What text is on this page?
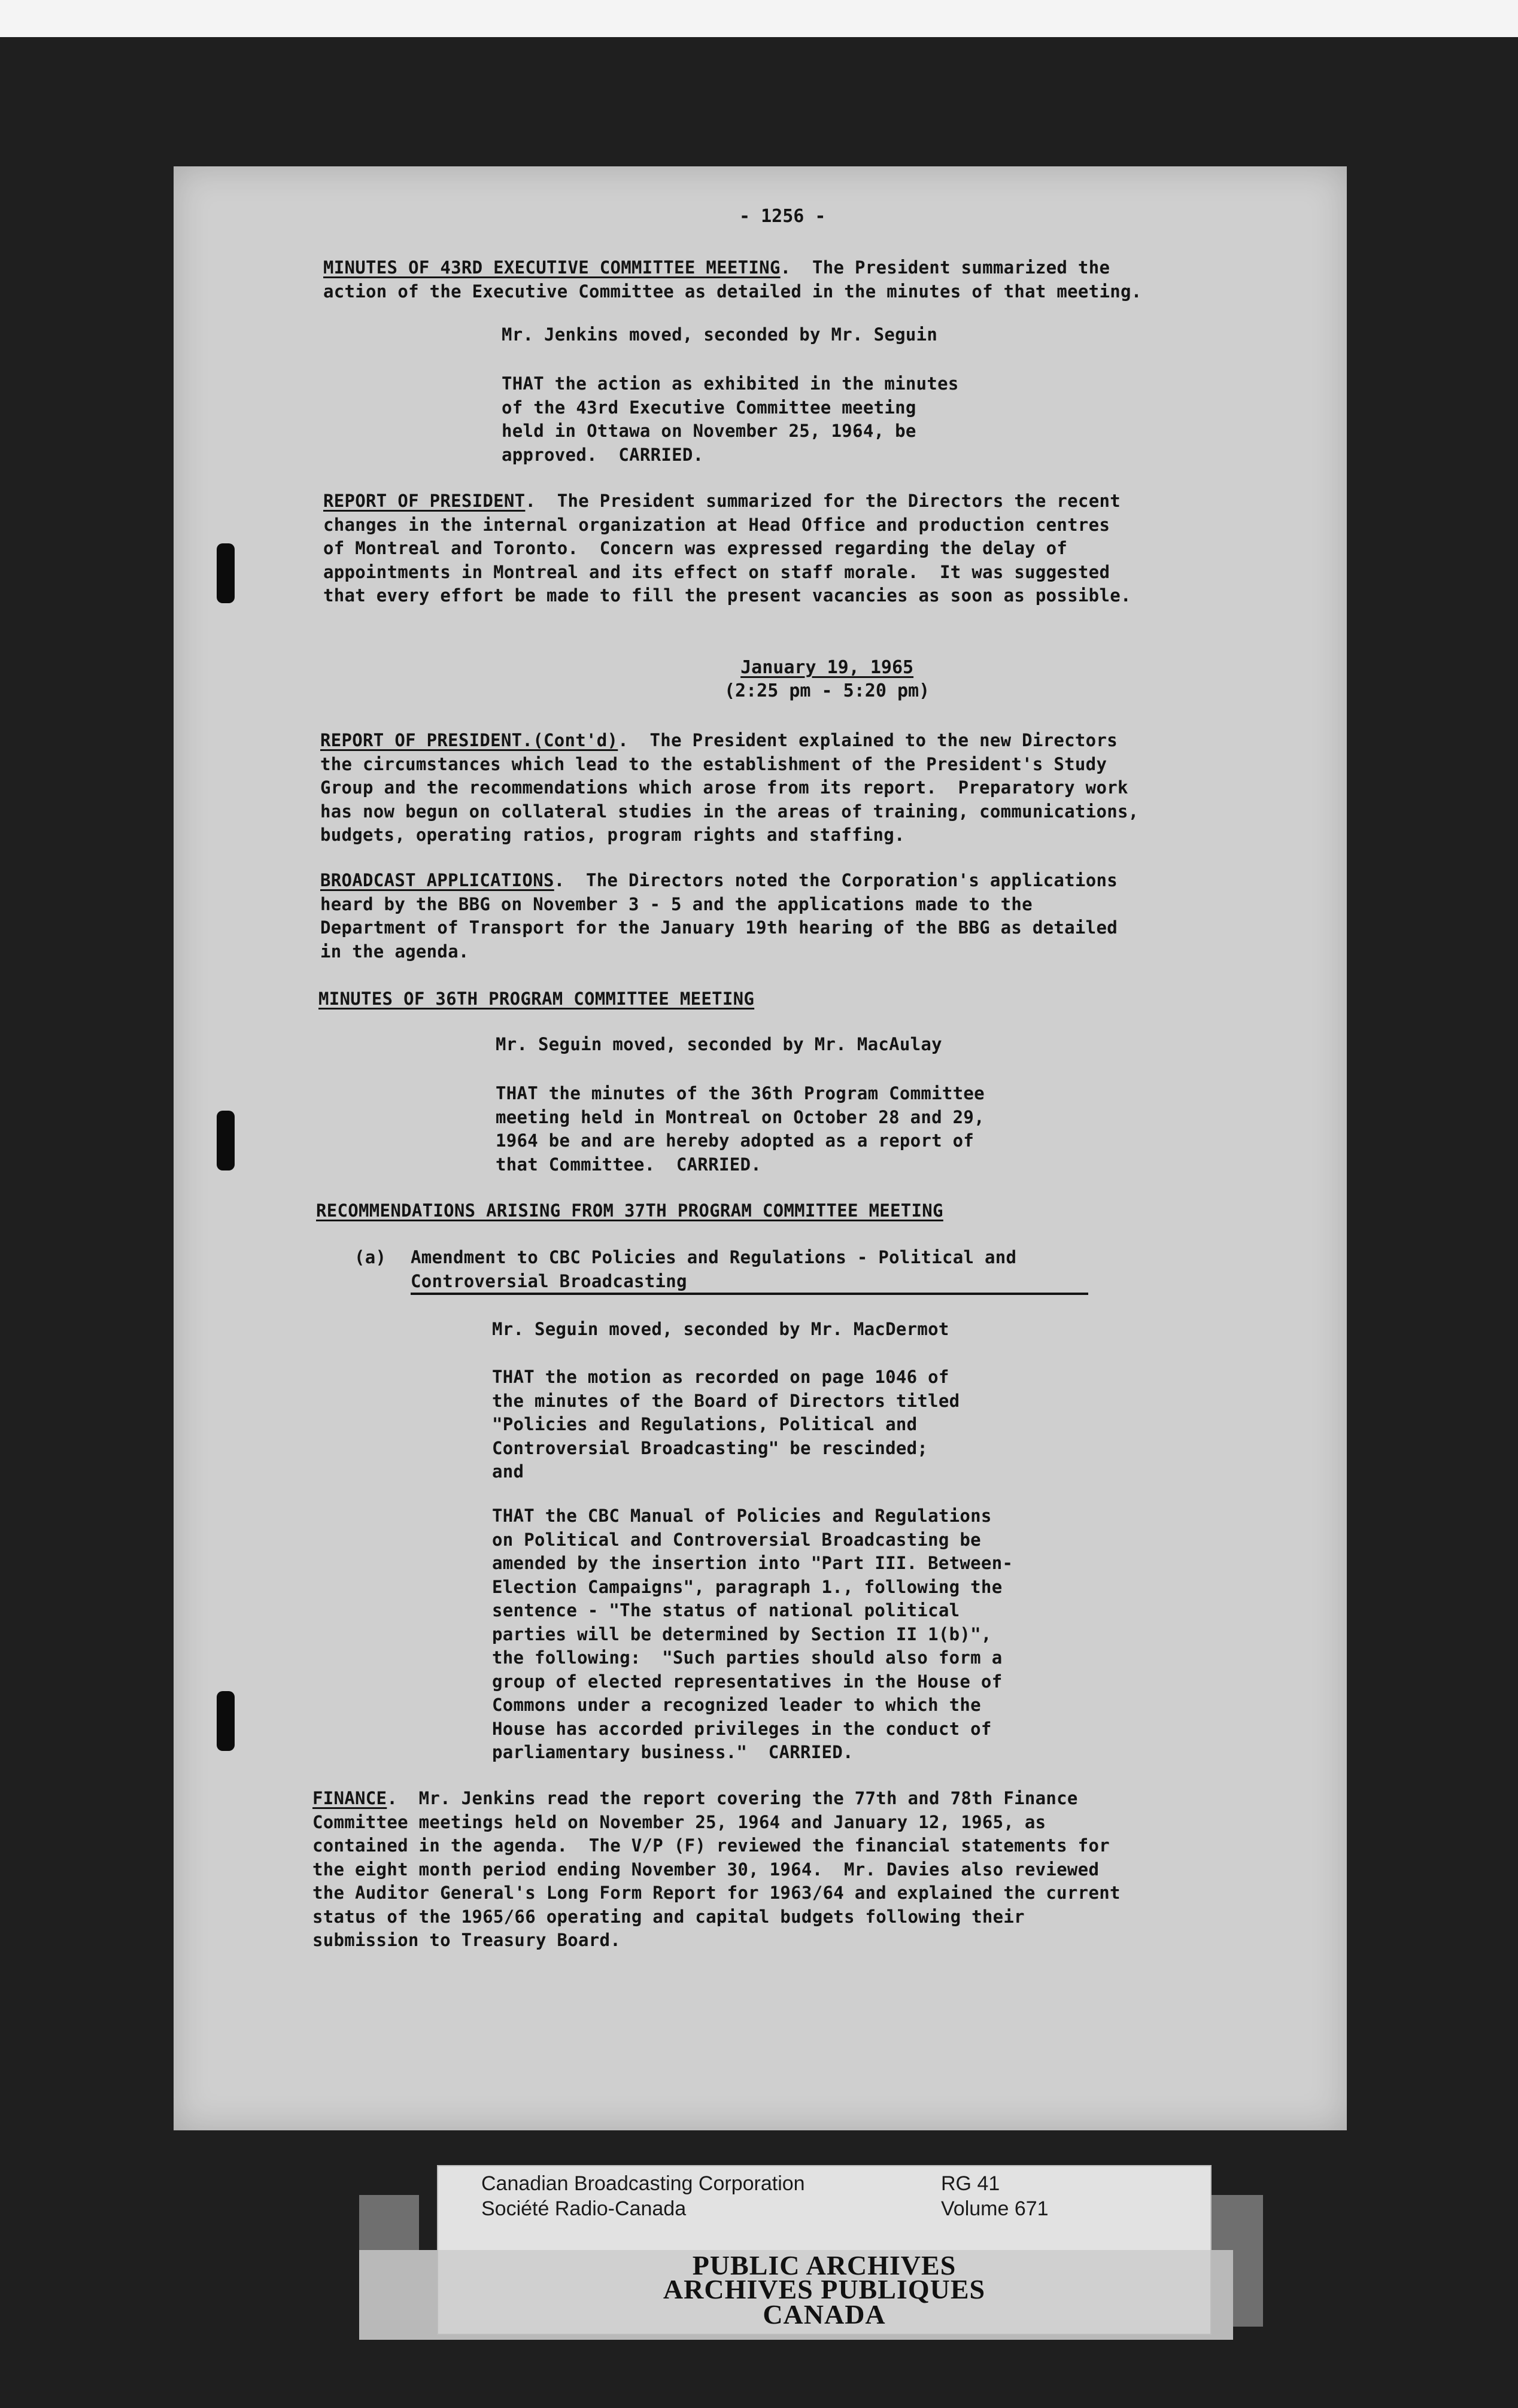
- 1256 -
MINUTES OF 43RD EXECUTIVE COMMITTEE MEETING.  The President summarized the
action of the Executive Committee as detailed in the minutes of that meeting.
Mr. Jenkins moved, seconded by Mr. Seguin
THAT the action as exhibited in the minutes
of the 43rd Executive Committee meeting
held in Ottawa on November 25, 1964, be
approved.  CARRIED.
REPORT OF PRESIDENT.  The President summarized for the Directors the recent
changes in the internal organization at Head Office and production centres
of Montreal and Toronto.  Concern was expressed regarding the delay of
appointments in Montreal and its effect on staff morale.  It was suggested
that every effort be made to fill the present vacancies as soon as possible.
January 19, 1965
(2:25 pm - 5:20 pm)
REPORT OF PRESIDENT.(Cont'd).  The President explained to the new Directors
the circumstances which lead to the establishment of the President's Study
Group and the recommendations which arose from its report.  Preparatory work
has now begun on collateral studies in the areas of training, communications,
budgets, operating ratios, program rights and staffing.
BROADCAST APPLICATIONS.  The Directors noted the Corporation's applications
heard by the BBG on November 3 - 5 and the applications made to the
Department of Transport for the January 19th hearing of the BBG as detailed
in the agenda.
MINUTES OF 36TH PROGRAM COMMITTEE MEETING
Mr. Seguin moved, seconded by Mr. MacAulay
THAT the minutes of the 36th Program Committee
meeting held in Montreal on October 28 and 29,
1964 be and are hereby adopted as a report of
that Committee.  CARRIED.
RECOMMENDATIONS ARISING FROM 37TH PROGRAM COMMITTEE MEETING
(a) Amendment to CBC Policies and Regulations - Political and
Controversial Broadcasting
Mr. Seguin moved, seconded by Mr. MacDermot
THAT the motion as recorded on page 1046 of
the minutes of the Board of Directors titled
"Policies and Regulations, Political and
Controversial Broadcasting" be rescinded;
and
THAT the CBC Manual of Policies and Regulations
on Political and Controversial Broadcasting be
amended by the insertion into "Part III. Between-
Election Campaigns", paragraph 1., following the
sentence - "The status of national political
parties will be determined by Section II 1(b)",
the following:  "Such parties should also form a
group of elected representatives in the House of
Commons under a recognized leader to which the
House has accorded privileges in the conduct of
parliamentary business."  CARRIED.
FINANCE.  Mr. Jenkins read the report covering the 77th and 78th Finance
Committee meetings held on November 25, 1964 and January 12, 1965, as
contained in the agenda.  The V/P (F) reviewed the financial statements for
the eight month period ending November 30, 1964.  Mr. Davies also reviewed
the Auditor General's Long Form Report for 1963/64 and explained the current
status of the 1965/66 operating and capital budgets following their
submission to Treasury Board.
Canadian Broadcasting Corporation
Société Radio-Canada
RG 41
Volume 671
PUBLIC ARCHIVES
ARCHIVES PUBLIQUES
CANADA
